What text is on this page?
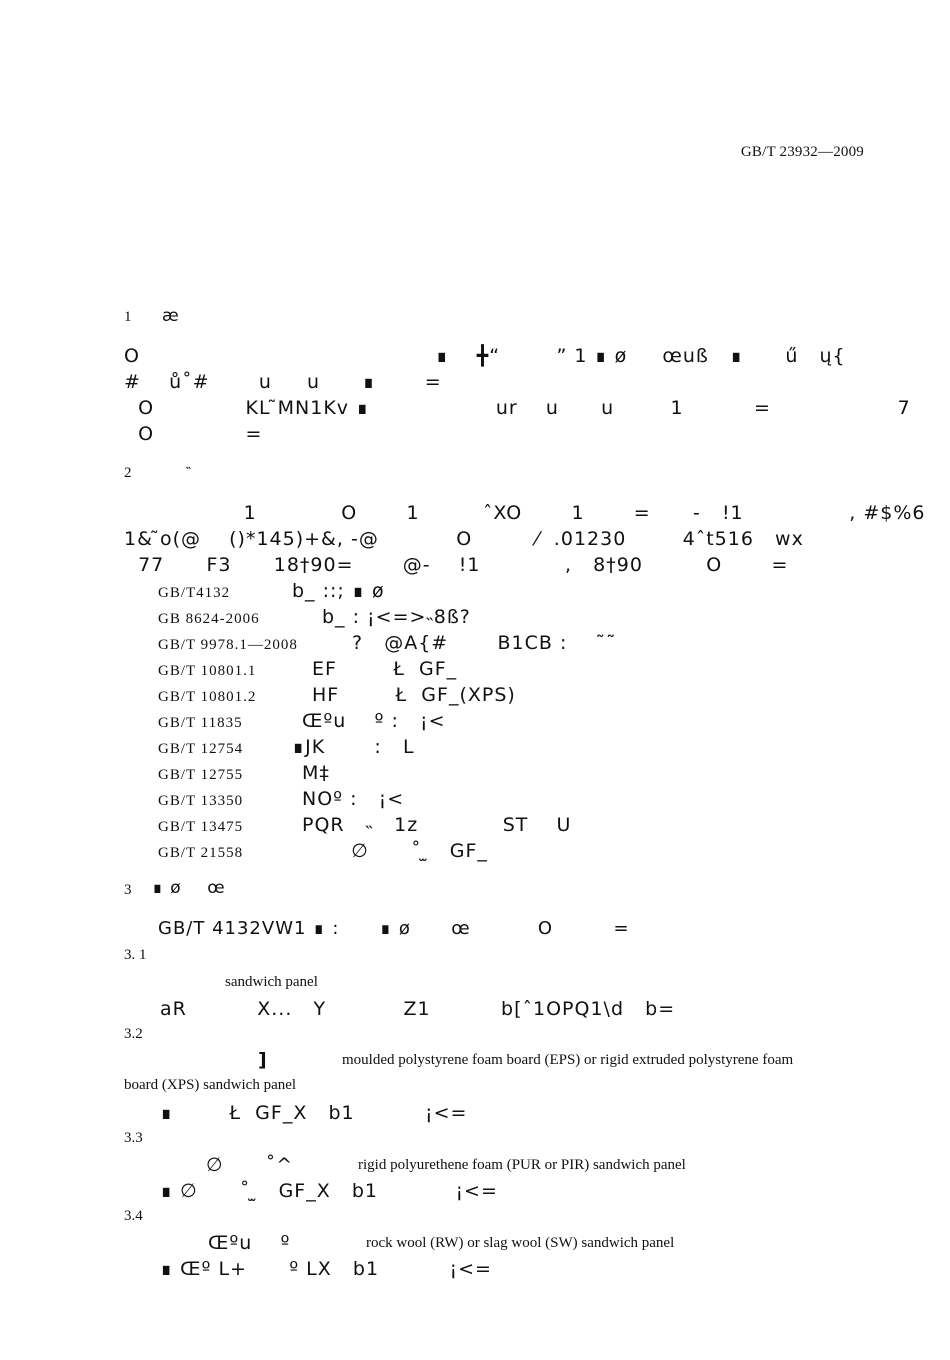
GB/T 23932—2009
1 æ
O                                          ∎    ╋“        ” 1 ∎ ø     œuß   ∎      ű   ų{
#    ů˚#       u     u      ∎       =
O             KL ̃MN1Kv ∎                  ur    u      u        1          =                  7
O             =
2	˵
1            O       1         ˆXO       1       =      -   !1               , #$%6
1& ̃o(@    ()*145)+&, -@           O         ⁄  .01230        4ˆt516   wx
77      F3      18†90=       @-    !1            ,   8†90         O       =
GB/T4132	b_ ::; ∎ ø
GB 8624-2006	b_ : ¡<=>˵8ß?
GB/T 9978.1—2008	?   @A{#       B1CB :    ˜˜
GB/T 10801.1	EF        Ł  GF_
GB/T 10801.2	HF        Ł  GF_(XPS)
GB/T 11835	Œºu    º :   ¡<
GB/T 12754	∎JK       :   L
GB/T 12755	M‡
GB/T 13350	NOº :   ¡<
GB/T 13475	PQR   ˵   1z            ST    U
GB/T 21558	∅      ˚ ̫   GF_
3 ∎ ø    œ
GB/T 4132VW1 ∎ :      ∎ ø      œ          O         =
3. 1
sandwich panel
aR          X...   Y           Z1          b[ˆ1OPQ1\d   b=
3.2
]	moulded polystyrene foam board (EPS) or rigid extruded polystyrene foam
board (XPS) sandwich panel
∎        Ł  GF_X   b1          ¡<=
3.3
∅      ˚^	rigid polyurethene foam (PUR or PIR) sandwich panel
∎ ∅      ˚ ̫   GF_X   b1           ¡<=
3.4
Œºu    º	rock wool (RW) or slag wool (SW) sandwich panel
∎ Œº L+      º LX   b1          ¡<=
